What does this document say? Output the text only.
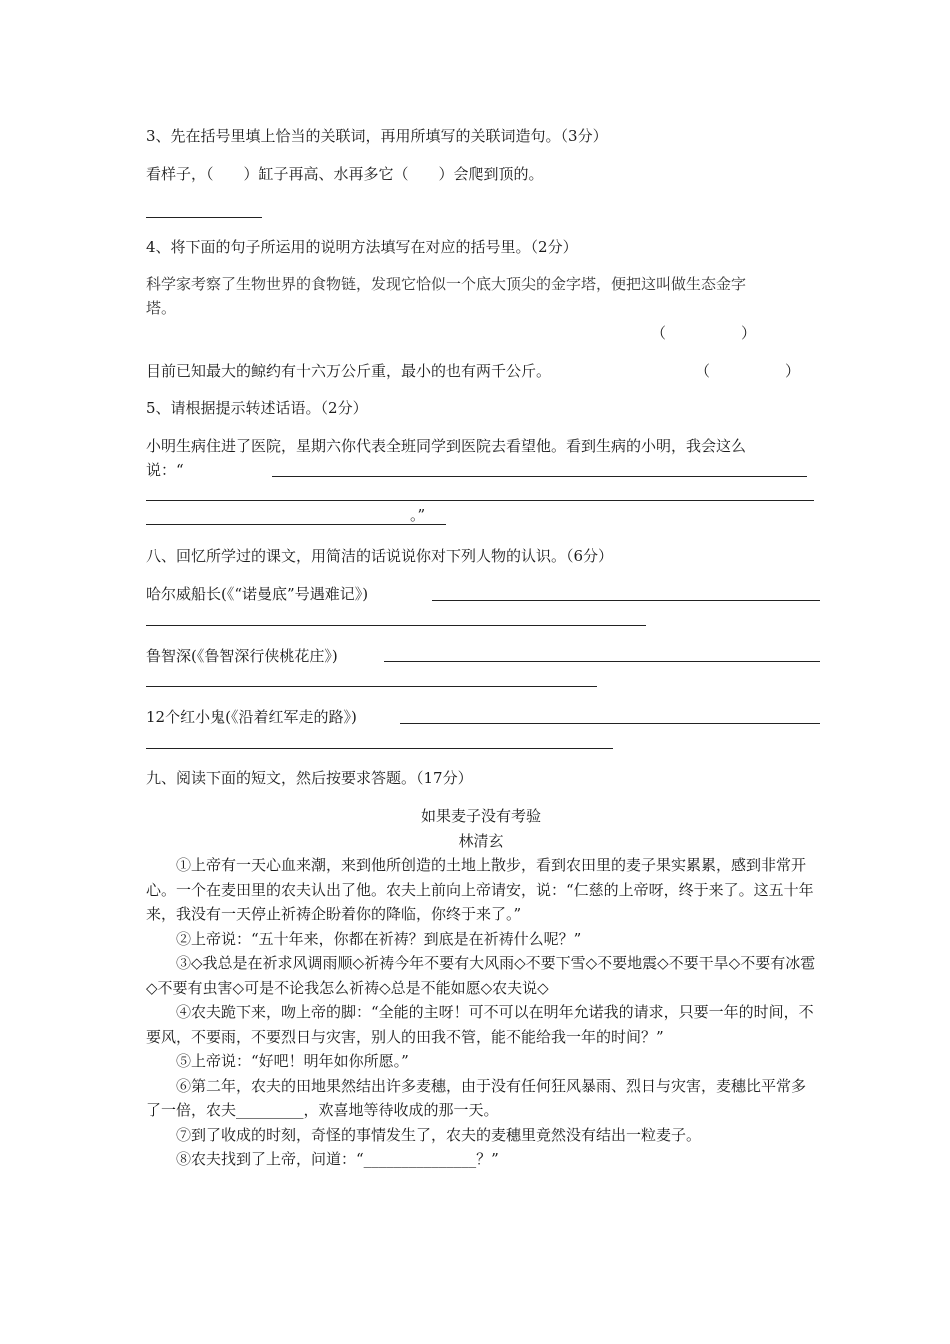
3、先在括号里填上恰当的关联词，再用所填写的关联词造句。（3分）
看样子，（　　）缸子再高、水再多它（　　）会爬到顶的。
4、将下面的句子所运用的说明方法填写在对应的括号里。（2分）
科学家考察了生物世界的食物链，发现它恰似一个底大顶尖的金字塔，便把这叫做生态金字
塔。
（　　　　　）
目前已知最大的鲸约有十六万公斤重，最小的也有两千公斤。	（　　　　　）
5、请根据提示转述话语。（2分）
小明生病住进了医院，星期六你代表全班同学到医院去看望他。看到生病的小明，我会这么
说：“
。”
八、回忆所学过的课文，用简洁的话说说你对下列人物的认识。（6分）
哈尔威船长(《“诺曼底”号遇难记》)
鲁智深(《鲁智深行侠桃花庄》)
12个红小鬼(《沿着红军走的路》)
九、阅读下面的短文，然后按要求答题。（17分）

如果麦子没有考验

林清玄

①上帝有一天心血来潮，来到他所创造的土地上散步，看到农田里的麦子果实累累，感到非常开心。一个在麦田里的农夫认出了他。农夫上前向上帝请安，说：“仁慈的上帝呀，终于来了。这五十年来，我没有一天停止祈祷企盼着你的降临，你终于来了。”

②上帝说：“五十年来，你都在祈祷？到底是在祈祷什么呢？”

③◇我总是在祈求风调雨顺◇祈祷今年不要有大风雨◇不要下雪◇不要地震◇不要干旱◇不要有冰雹◇不要有虫害◇可是不论我怎么祈祷◇总是不能如愿◇农夫说◇

④农夫跪下来，吻上帝的脚：“全能的主呀！可不可以在明年允诺我的请求，只要一年的时间，不要风，不要雨，不要烈日与灾害，别人的田我不管，能不能给我一年的时间？”

⑤上帝说：“好吧！明年如你所愿。”

⑥第二年，农夫的田地果然结出许多麦穗，由于没有任何狂风暴雨、烈日与灾害，麦穗比平常多了一倍，农夫_________，欢喜地等待收成的那一天。

⑦到了收成的时刻，奇怪的事情发生了，农夫的麦穗里竟然没有结出一粒麦子。

⑧农夫找到了上帝，问道：“_______________？”
